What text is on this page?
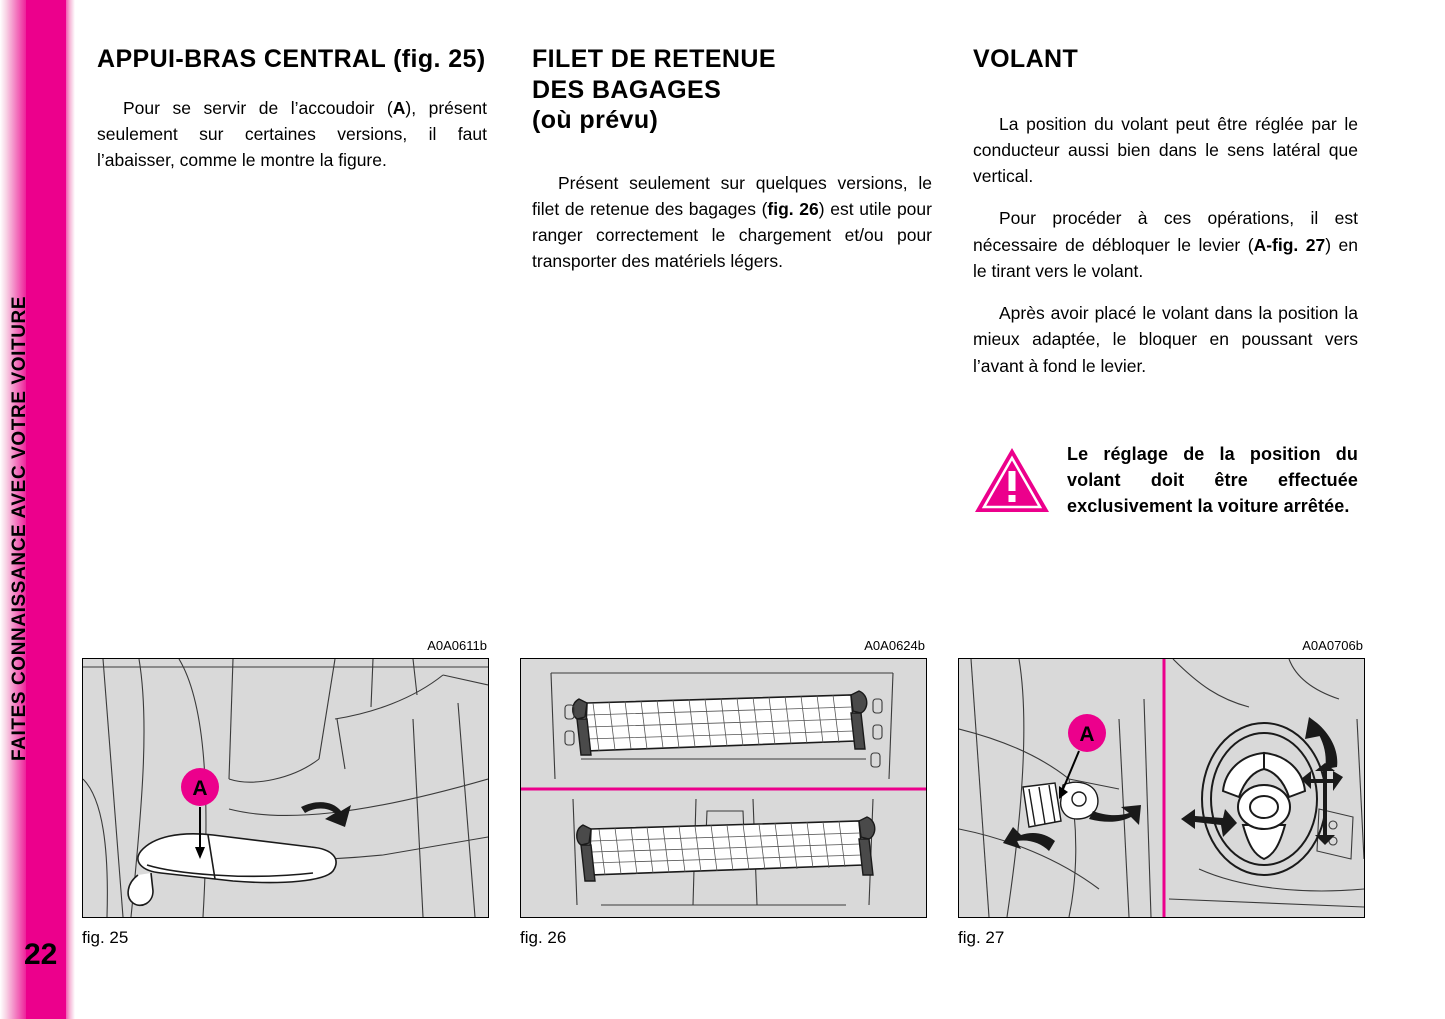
FAITES CONNAISSANCE AVEC VOTRE VOITURE
22
APPUI-BRAS CENTRAL (fig. 25)

Pour se servir de l’accoudoir (A), présent seulement sur certaines versions, il faut l’abaisser, comme le montre la figure.

FILET DE RETENUE
DES BAGAGES
(où prévu)

Présent seulement sur quelques versions, le filet de retenue des bagages (fig. 26) est utile pour ranger correctement le chargement et/ou pour transporter des matériels légers.

VOLANT

La position du volant peut être réglée par le conducteur aussi bien dans le sens latéral que vertical.

Pour procéder à ces opérations, il est nécessaire de débloquer le levier (A-fig. 27) en le tirant vers le volant.

Après avoir placé le volant dans la position la mieux adaptée, le bloquer en poussant vers l’avant à fond le levier.

Le réglage de la position du volant doit être effectuée exclusivement la voiture arrêtée.
A0A0611b
A
fig. 25
A0A0624b
fig. 26
A0A0706b
A
fig. 27
